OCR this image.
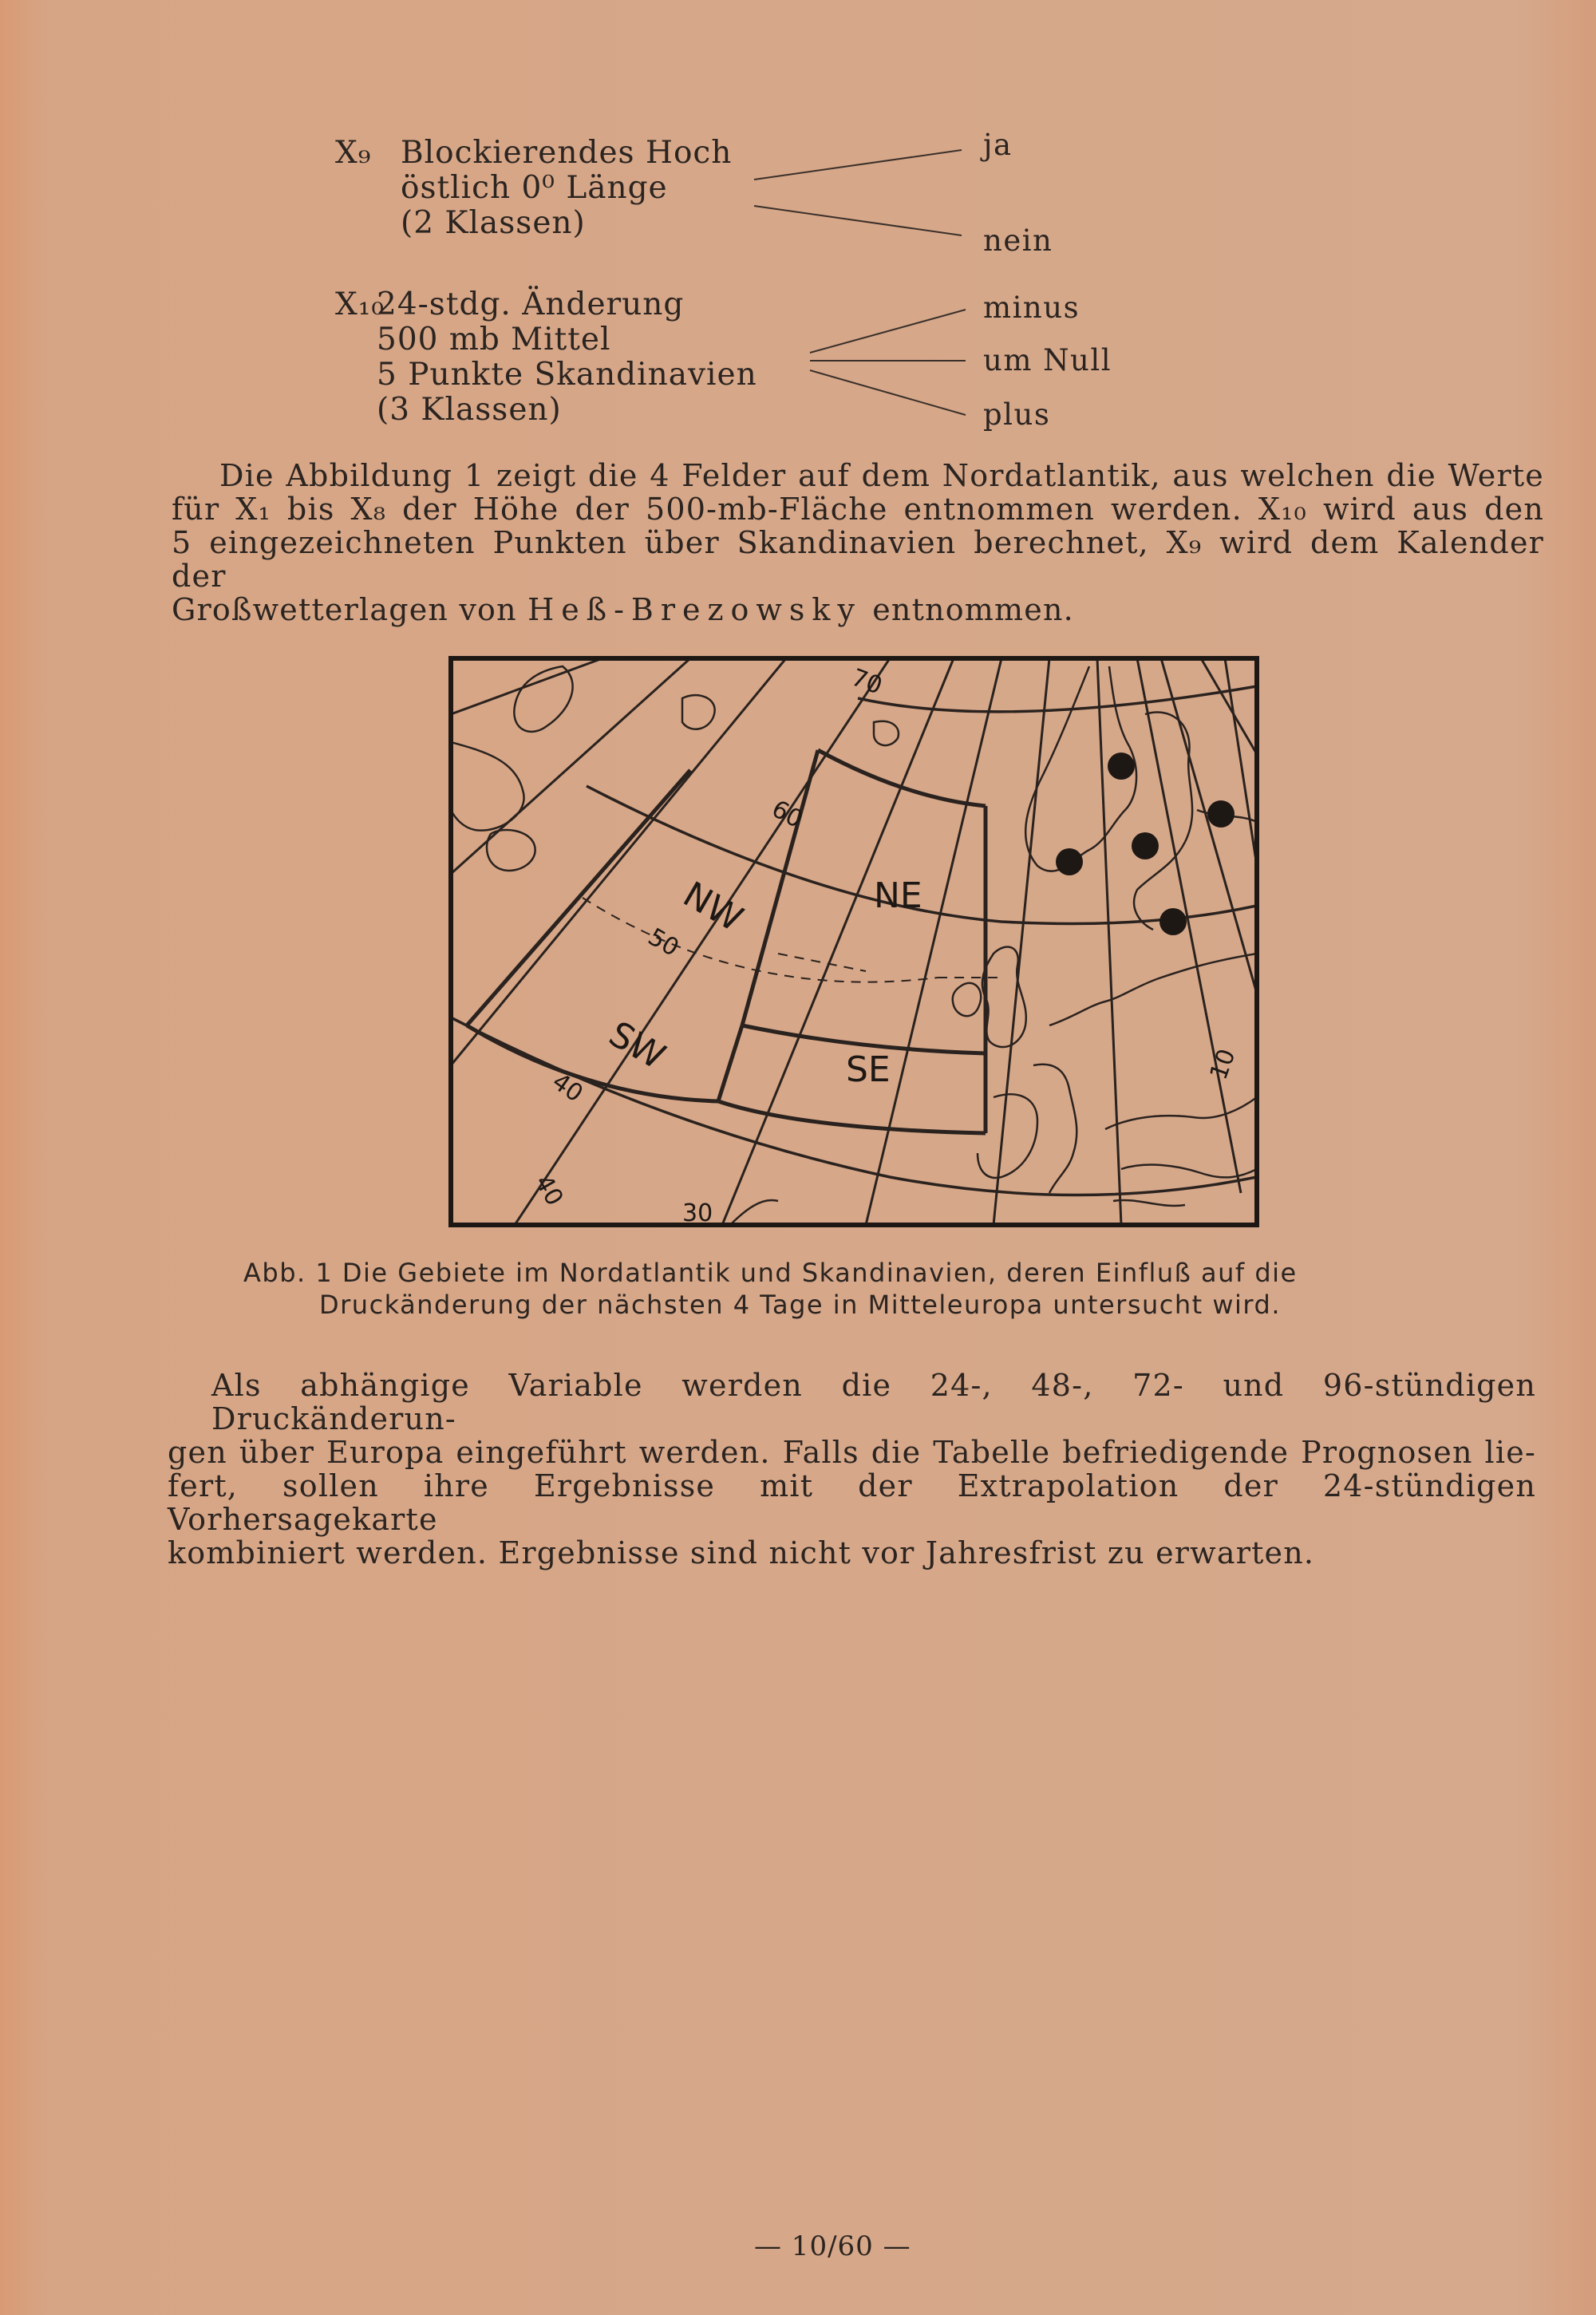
X₉ Blockierendes Hoch
östlich 0⁰ Länge
(2 Klassen)
ja
nein
X₁₀24-stdg. Änderung
500 mb Mittel
5 Punkte Skandinavien
(3 Klassen)
minus
um Null
plus

Die Abbildung 1 zeigt die 4 Felder auf dem Nordatlantik, aus welchen die Werte

für X₁ bis X₈ der Höhe der 500-mb-Fläche entnommen werden. X₁₀ wird aus den

5 eingezeichneten Punkten über Skandinavien berechnet, X₉ wird dem Kalender der

Großwetterlagen von Heß-Brezowsky entnommen.

NW	NE
SW	SE
70
60
50
40
30
40
10
Abb. 1 Die Gebiete im Nordatlantik und Skandinavien, deren Einfluß auf die
Druckänderung der nächsten 4 Tage in Mitteleuropa untersucht wird.

Als abhängige Variable werden die 24-, 48-, 72- und 96-stündigen Druckänderun-

gen über Europa eingeführt werden. Falls die Tabelle befriedigende Prognosen lie-

fert, sollen ihre Ergebnisse mit der Extrapolation der 24-stündigen Vorhersagekarte

kombiniert werden. Ergebnisse sind nicht vor Jahresfrist zu erwarten.

— 10/60 —
